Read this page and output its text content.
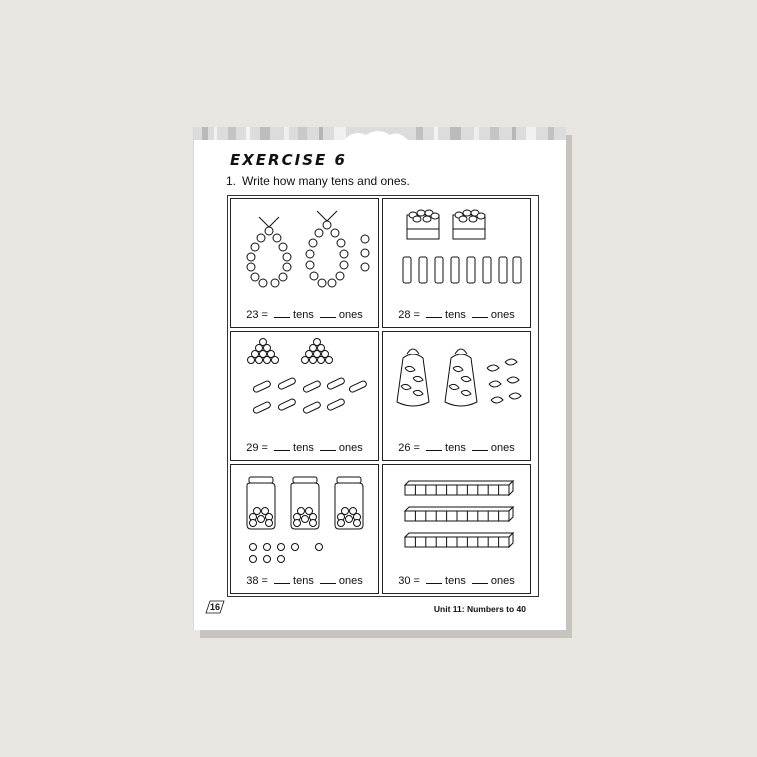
EXERCISE 6
1. Write how many tens and ones.
23 = tens ones	28 = tens ones
29 = tens ones	26 = tens ones
38 = tens ones	30 = tens ones
16	Unit 11: Numbers to 40
